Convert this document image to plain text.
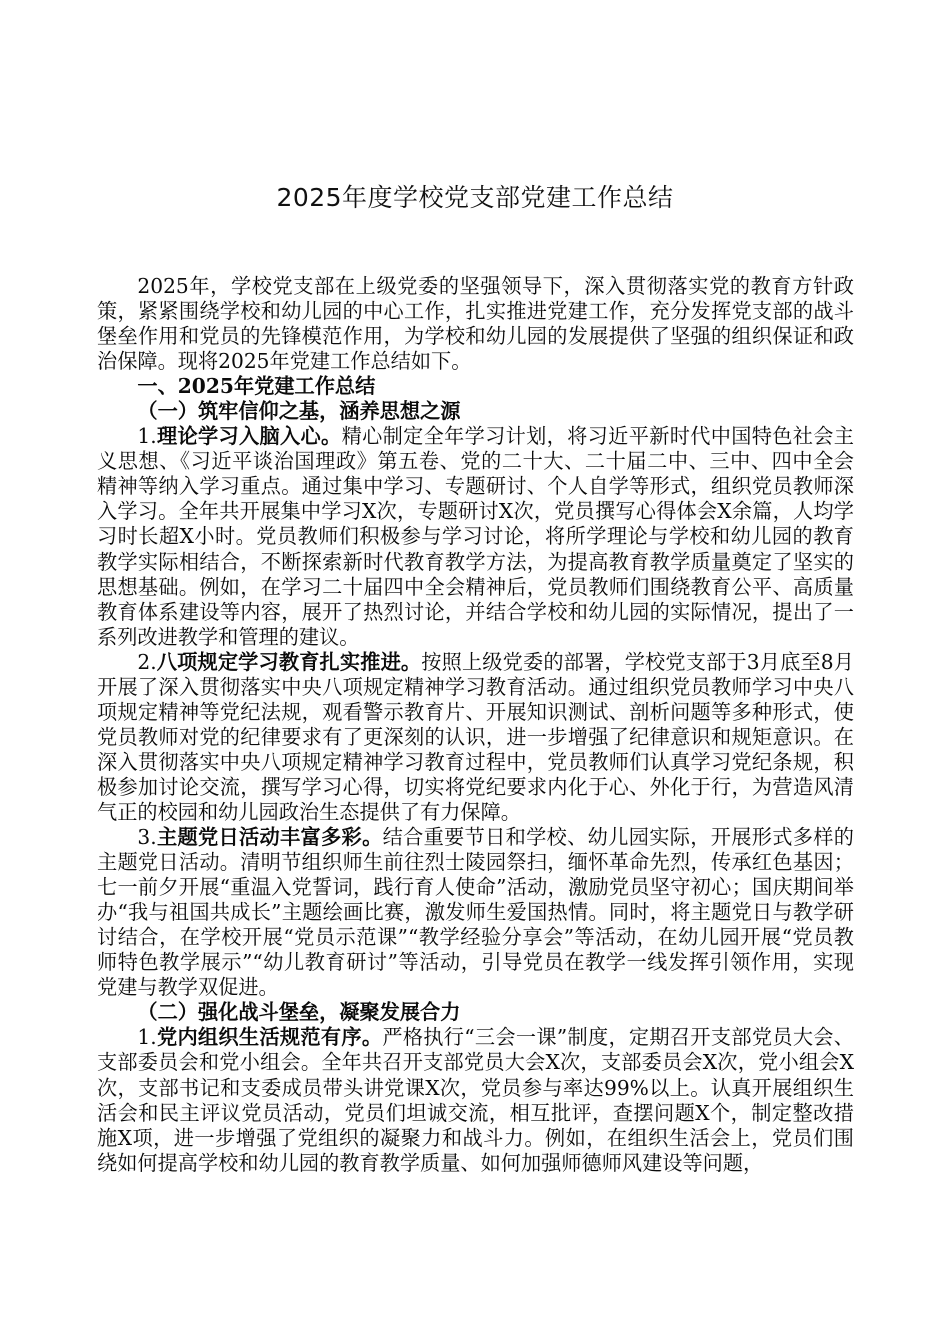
2025年度学校党支部党建工作总结

2025年，学校党支部在上级党委的坚强领导下，深入贯彻落实党的教育方针政策，紧紧围绕学校和幼儿园的中心工作，扎实推进党建工作，充分发挥党支部的战斗堡垒作用和党员的先锋模范作用，为学校和幼儿园的发展提供了坚强的组织保证和政治保障。现将2025年党建工作总结如下。

一、2025年党建工作总结

（一）筑牢信仰之基，涵养思想之源

1.理论学习入脑入心。精心制定全年学习计划，将习近平新时代中国特色社会主义思想、《习近平谈治国理政》第五卷、党的二十大、二十届二中、三中、四中全会精神等纳入学习重点。通过集中学习、专题研讨、个人自学等形式，组织党员教师深入学习。全年共开展集中学习X次，专题研讨X次，党员撰写心得体会X余篇，人均学习时长超X小时。党员教师们积极参与学习讨论，将所学理论与学校和幼儿园的教育教学实际相结合，不断探索新时代教育教学方法，为提高教育教学质量奠定了坚实的思想基础。例如，在学习二十届四中全会精神后，党员教师们围绕教育公平、高质量教育体系建设等内容，展开了热烈讨论，并结合学校和幼儿园的实际情况，提出了一系列改进教学和管理的建议。

2.八项规定学习教育扎实推进。按照上级党委的部署，学校党支部于3月底至8月开展了深入贯彻落实中央八项规定精神学习教育活动。通过组织党员教师学习中央八项规定精神等党纪法规，观看警示教育片、开展知识测试、剖析问题等多种形式，使党员教师对党的纪律要求有了更深刻的认识，进一步增强了纪律意识和规矩意识。在深入贯彻落实中央八项规定精神学习教育过程中，党员教师们认真学习党纪条规，积极参加讨论交流，撰写学习心得，切实将党纪要求内化于心、外化于行，为营造风清气正的校园和幼儿园政治生态提供了有力保障。

3.主题党日活动丰富多彩。结合重要节日和学校、幼儿园实际，开展形式多样的主题党日活动。清明节组织师生前往烈士陵园祭扫，缅怀革命先烈，传承红色基因；七一前夕开展“重温入党誓词，践行育人使命”活动，激励党员坚守初心；国庆期间举办“我与祖国共成长”主题绘画比赛，激发师生爱国热情。同时，将主题党日与教学研讨结合，在学校开展“党员示范课”“教学经验分享会”等活动，在幼儿园开展“党员教师特色教学展示”“幼儿教育研讨”等活动，引导党员在教学一线发挥引领作用，实现党建与教学双促进。

（二）强化战斗堡垒，凝聚发展合力

1.党内组织生活规范有序。严格执行“三会一课”制度，定期召开支部党员大会、支部委员会和党小组会。全年共召开支部党员大会X次，支部委员会X次，党小组会X次，支部书记和支委成员带头讲党课X次，党员参与率达99%以上。认真开展组织生活会和民主评议党员活动，党员们坦诚交流，相互批评，查摆问题X个，制定整改措施X项，进一步增强了党组织的凝聚力和战斗力。例如，在组织生活会上，党员们围绕如何提高学校和幼儿园的教育教学质量、如何加强师德师风建设等问题，
